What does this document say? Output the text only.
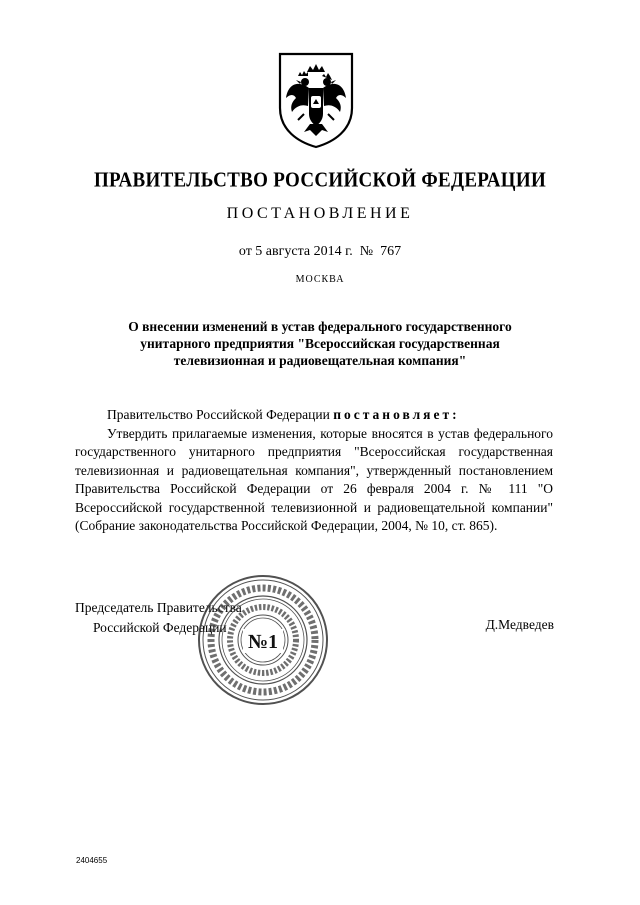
ПРАВИТЕЛЬСТВО РОССИЙСКОЙ ФЕДЕРАЦИИ
ПОСТАНОВЛЕНИЕ
от 5 августа 2014 г.  №  767
МОСКВА
О внесении изменений в устав федерального государственного
унитарного предприятия "Всероссийская государственная
телевизионная и радиовещательная компания"

Правительство Российской Федерации постановляет:

Утвердить прилагаемые изменения, которые вносятся в устав федерального государственного унитарного предприятия "Всероссийская государственная телевизионная и радиовещательная компания", утвержденный постановлением Правительства Российской Федерации от 26 февраля 2004 г. № 111 "О Всероссийской государственной телевизионной и радиовещательной компании" (Собрание законодательства Российской Федерации, 2004, № 10, ст. 865).

Председатель Правительства
Российской Федерации
№1
Д.Медведев
2404655
